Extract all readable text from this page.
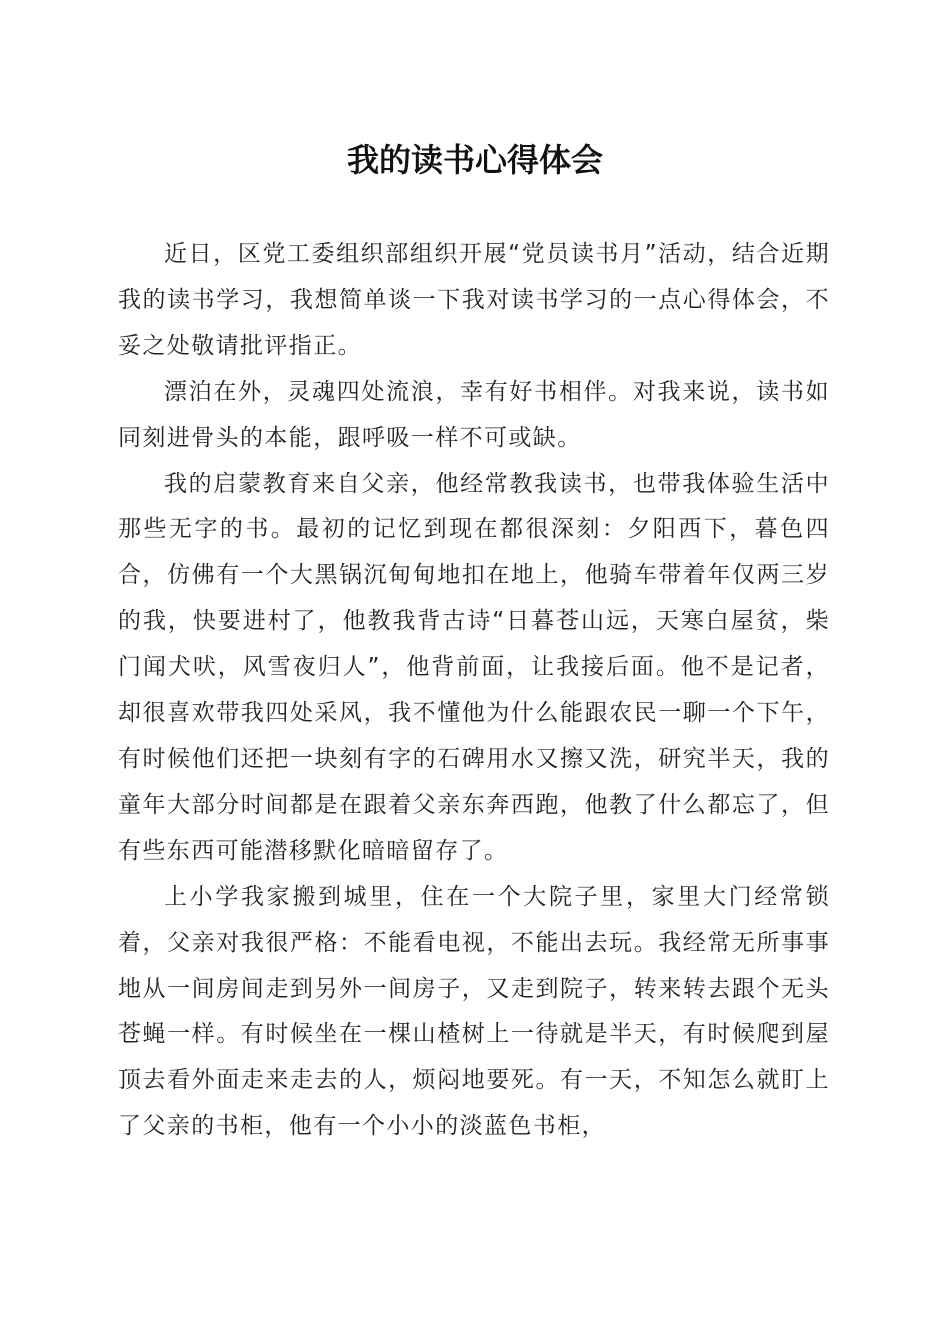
我的读书心得体会

近日，区党工委组织部组织开展“党员读书月”活动，结合近期我的读书学习，我想简单谈一下我对读书学习的一点心得体会，不妥之处敬请批评指正。

漂泊在外，灵魂四处流浪，幸有好书相伴。对我来说，读书如同刻进骨头的本能，跟呼吸一样不可或缺。

我的启蒙教育来自父亲，他经常教我读书，也带我体验生活中那些无字的书。最初的记忆到现在都很深刻：夕阳西下，暮色四合，仿佛有一个大黑锅沉甸甸地扣在地上，他骑车带着年仅两三岁的我，快要进村了，他教我背古诗“日暮苍山远，天寒白屋贫，柴门闻犬吠，风雪夜归人”，他背前面，让我接后面。他不是记者，却很喜欢带我四处采风，我不懂他为什么能跟农民一聊一个下午，有时候他们还把一块刻有字的石碑用水又擦又洗，研究半天，我的童年大部分时间都是在跟着父亲东奔西跑，他教了什么都忘了，但有些东西可能潜移默化暗暗留存了。

上小学我家搬到城里，住在一个大院子里，家里大门经常锁着，父亲对我很严格：不能看电视，不能出去玩。我经常无所事事地从一间房间走到另外一间房子，又走到院子，转来转去跟个无头苍蝇一样。有时候坐在一棵山楂树上一待就是半天，有时候爬到屋顶去看外面走来走去的人，烦闷地要死。有一天，不知怎么就盯上了父亲的书柜，他有一个小小的淡蓝色书柜，
